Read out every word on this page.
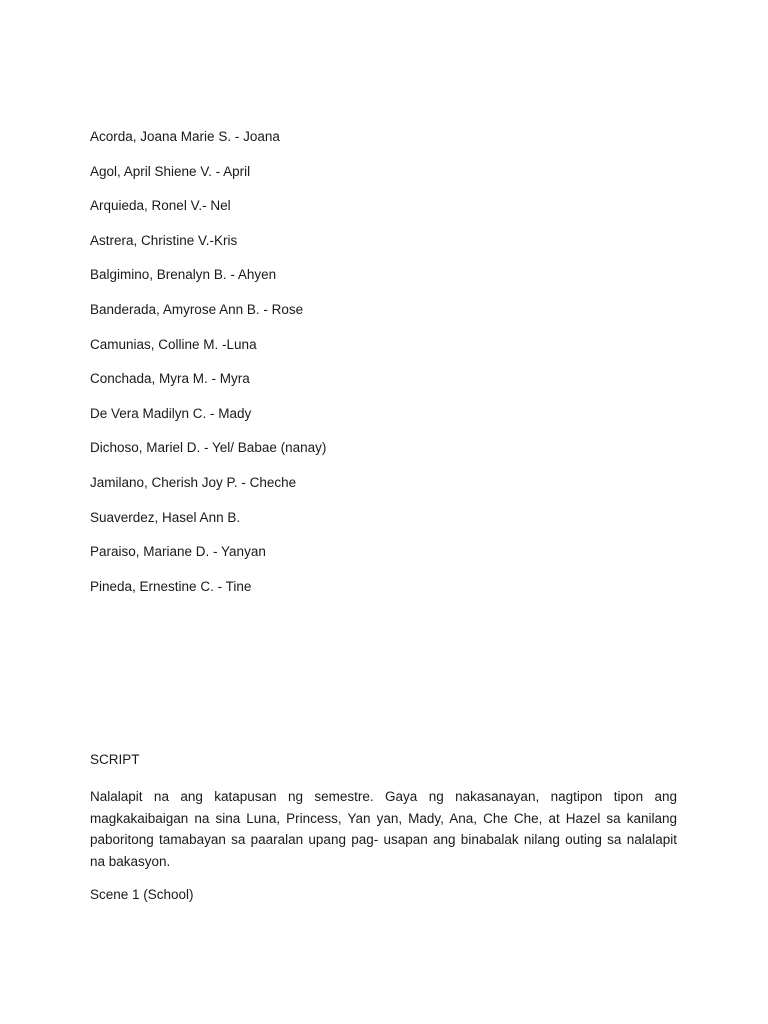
Acorda, Joana Marie S. - Joana
Agol, April Shiene V. - April
Arquieda, Ronel V.- Nel
Astrera, Christine V.-Kris
Balgimino, Brenalyn B. - Ahyen
Banderada, Amyrose Ann B. - Rose
Camunias, Colline M. -Luna
Conchada, Myra M. - Myra
De Vera Madilyn C. - Mady
Dichoso, Mariel D. - Yel/ Babae (nanay)
Jamilano, Cherish Joy P. - Cheche
Suaverdez, Hasel Ann B.
Paraiso, Mariane D. - Yanyan
Pineda, Ernestine C. - Tine

SCRIPT

Nalalapit na ang katapusan ng semestre. Gaya ng nakasanayan, nagtipon tipon ang magkakaibaigan na sina Luna, Princess, Yan yan, Mady, Ana, Che Che, at Hazel sa kanilang paboritong tamabayan sa paaralan upang pag- usapan ang binabalak nilang outing sa nalalapit na bakasyon.

Scene 1 (School)
